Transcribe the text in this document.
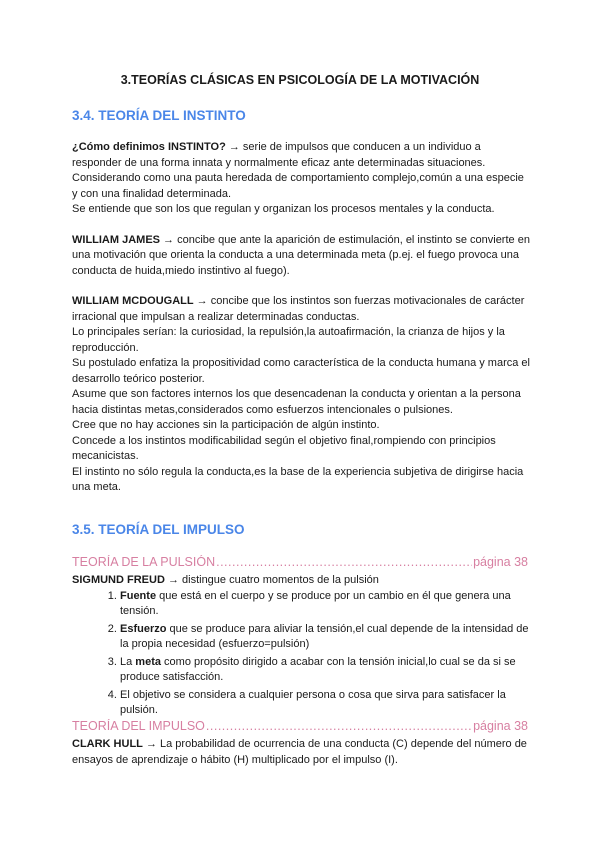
3.TEORÍAS CLÁSICAS EN PSICOLOGÍA DE LA MOTIVACIÓN
3.4. TEORÍA DEL INSTINTO

¿Cómo definimos INSTINTO? → serie de impulsos que conducen a un individuo a responder de una forma innata y normalmente eficaz ante determinadas situaciones.

Considerando como una pauta heredada de comportamiento complejo,común a una especie y con una finalidad determinada.

Se entiende que son los que regulan y organizan los procesos mentales y la conducta.

WILLIAM JAMES → concibe que ante la aparición de estimulación, el instinto se convierte en una motivación que orienta la conducta a una determinada meta (p.ej. el fuego provoca una conducta de huida,miedo instintivo al fuego).

WILLIAM MCDOUGALL → concibe que los instintos son fuerzas motivacionales de carácter irracional que impulsan a realizar determinadas conductas.

Lo principales serían: la curiosidad, la repulsión,la autoafirmación, la crianza de hijos y la reproducción.

Su postulado enfatiza la propositividad como característica de la conducta humana y marca el desarrollo teórico posterior.

Asume que son factores internos los que desencadenan la conducta y orientan a la persona hacia distintas metas,considerados como esfuerzos intencionales o pulsiones.

Cree que no hay acciones sin la participación de algún instinto.

Concede a los instintos modificabilidad según el objetivo final,rompiendo con principios mecanicistas.

El instinto no sólo regula la conducta,es la base de la experiencia subjetiva de dirigirse hacia una meta.

3.5. TEORÍA DEL IMPULSO
TEORÍA DE LA PULSIÓN .....	página 38

SIGMUND FREUD → distingue cuatro momentos de la pulsión

1. Fuente que está en el cuerpo y se produce por un cambio en él que genera una tensión.
2. Esfuerzo que se produce para aliviar la tensión,el cual depende de la intensidad de la propia necesidad (esfuerzo=pulsión)
3. La meta como propósito dirigido a acabar con la tensión inicial,lo cual se da si se produce satisfacción.
4. El objetivo se considera a cualquier persona o cosa que sirva para satisfacer la pulsión.
TEORÍA DEL IMPULSO .....	página 38

CLARK HULL → La probabilidad de ocurrencia de una conducta (C) depende del número de ensayos de aprendizaje o hábito (H) multiplicado por el impulso (I).
